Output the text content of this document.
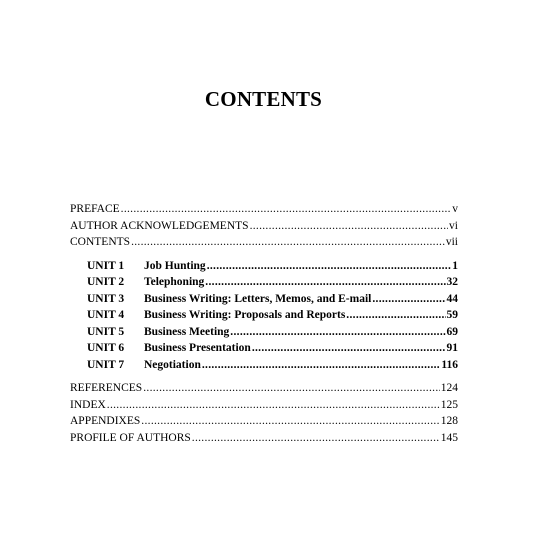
CONTENTS
PREFACE .....	v
AUTHOR ACKNOWLEDGEMENTS .....	vi
CONTENTS .....	vii
UNIT 1	Job Hunting .....	1
UNIT 2	Telephoning .....	32
UNIT 3	Business Writing: Letters, Memos, and E-mail .....	44
UNIT 4	Business Writing: Proposals and Reports .....	59
UNIT 5	Business Meeting .....	69
UNIT 6	Business Presentation .....	91
UNIT 7	Negotiation .....	116
REFERENCES .....	124
INDEX .....	125
APPENDIXES .....	128
PROFILE OF AUTHORS .....	145
